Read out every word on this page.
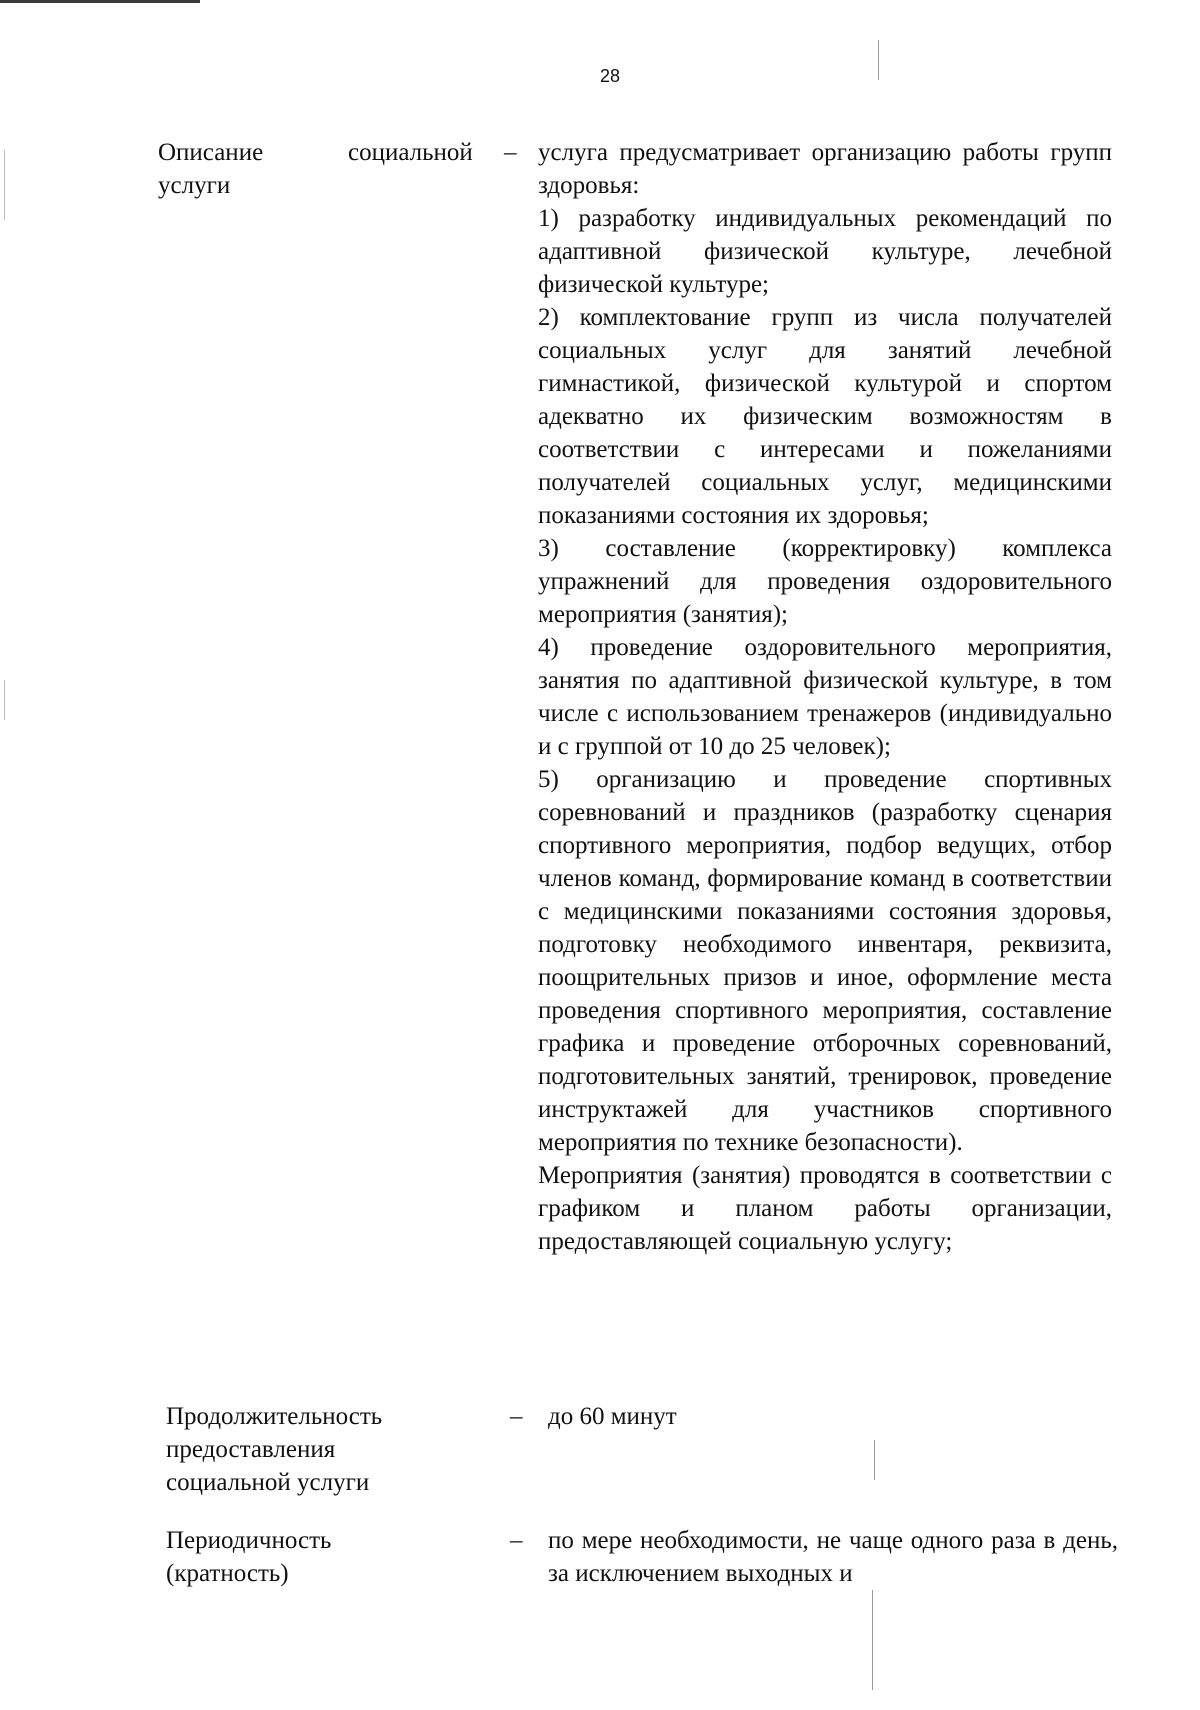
28
Описание
услуги
социальной – услуга предусматривает организацию работы групп здоровья:

1) разработку индивидуальных рекомендаций по адаптивной физической культуре, лечебной физической культуре;

2) комплектование групп из числа получателей социальных услуг для занятий лечебной гимнастикой, физической культурой и спортом адекватно их физическим возможностям в соответствии с интересами и пожеланиями получателей социальных услуг, медицинскими показаниями состояния их здоровья;

3) составление (корректировку) комплекса упражнений для проведения оздоровительного мероприятия (занятия);

4) проведение оздоровительного мероприятия, занятия по адаптивной физической культуре, в том числе с использованием тренажеров (индивидуально и с группой от 10 до 25 человек);

5) организацию и проведение спортивных соревнований и праздников (разработку сценария спортивного мероприятия, подбор ведущих, отбор членов команд, формирование команд в соответствии с медицинскими показаниями состояния здоровья, подготовку необходимого инвентаря, реквизита, поощрительных призов и иное, оформление места проведения спортивного мероприятия, составление графика и проведение отборочных соревнований, подготовительных занятий, тренировок, проведение инструктажей для участников спортивного мероприятия по технике безопасности).

Мероприятия (занятия) проводятся в соответствии с графиком и планом работы организации, предоставляющей социальную услугу;

Продолжительность
предоставления
социальной услуги
– до 60 минут
Периодичность
(кратность)
– по мере необходимости, не чаще одного раза в день, за исключением выходных и
